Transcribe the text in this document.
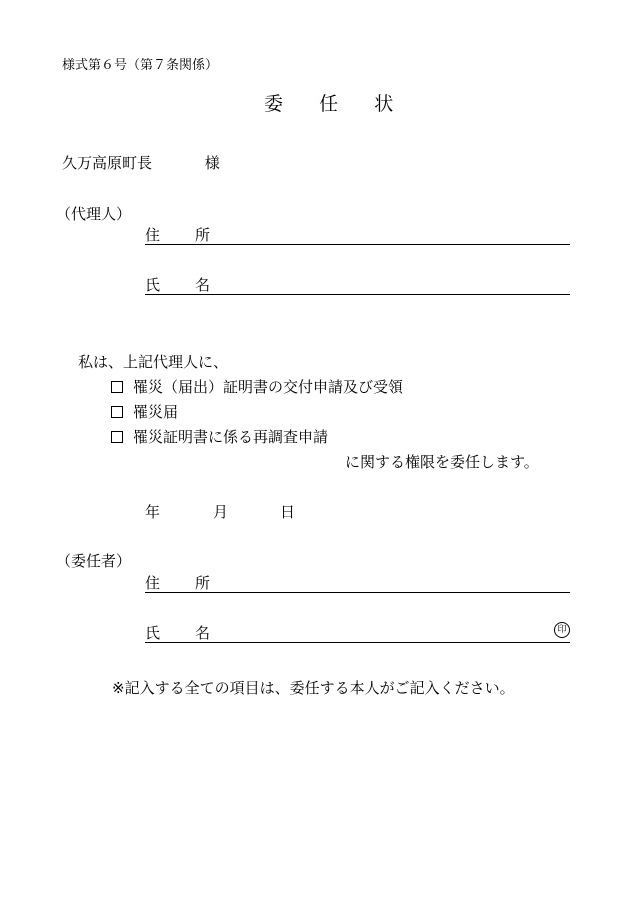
様式第６号（第７条関係）
委 任 状
久万高原町長	様
（代理人）
住 所
氏 名
私は、上記代理人に、
罹災（届出）証明書の交付申請及び受領
罹災届
罹災証明書に係る再調査申請
に関する権限を委任します。
年	月	日
（委任者）
住 所
氏 名	印
※記入する全ての項目は、委任する本人がご記入ください。
